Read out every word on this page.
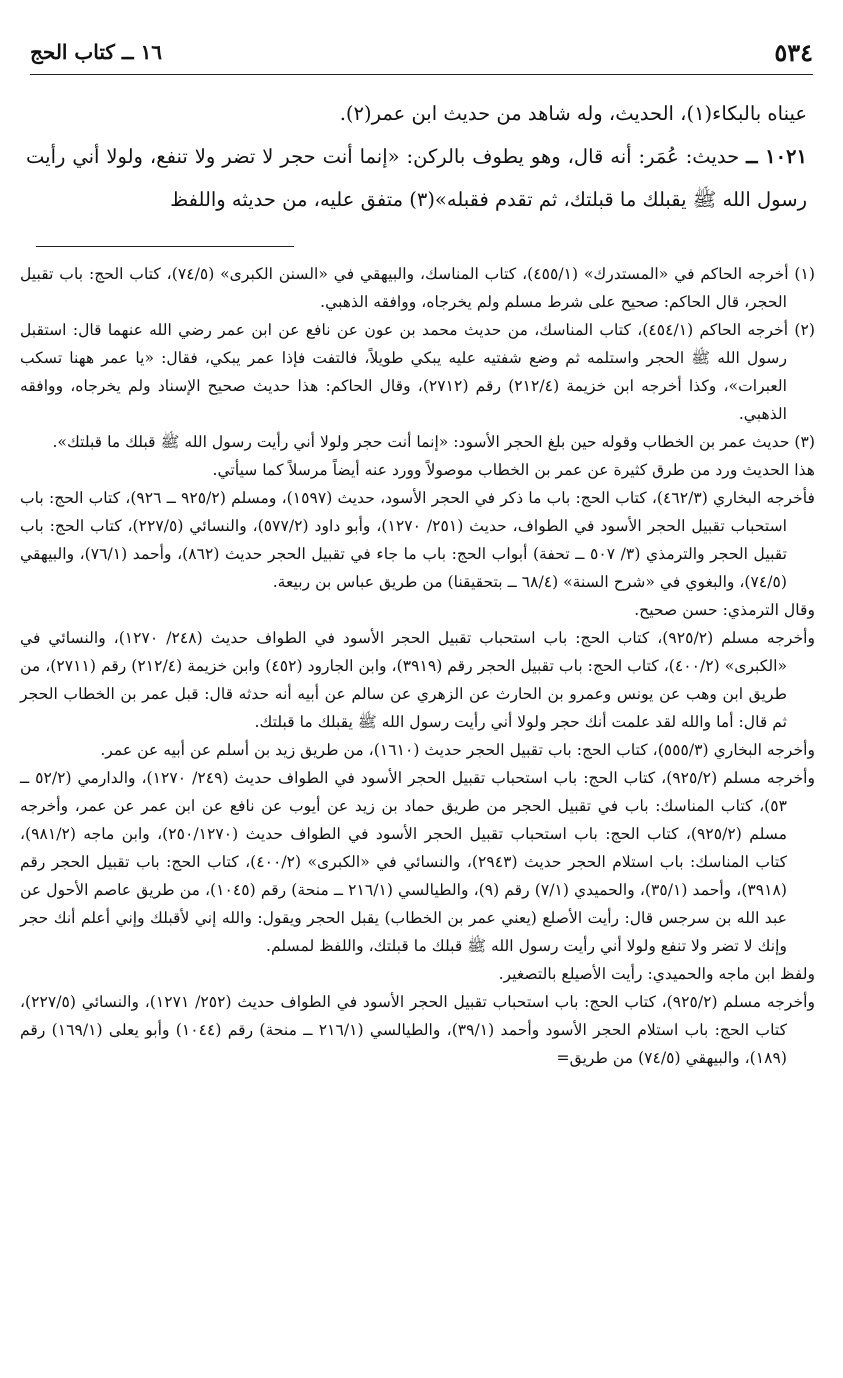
٥٣٤
١٦ ــ كتاب الحج

عيناه بالبكاء(١)، الحديث، وله شاهد من حديث ابن عمر(٢).

١٠٢١ ــ حديث: عُمَر: أنه قال، وهو يطوف بالركن: «إنما أنت حجر لا تضر ولا تنفع، ولولا أني رأيت رسول الله ﷺ يقبلك ما قبلتك، ثم تقدم فقبله»(٣) متفق عليه، من حديثه واللفظ

(١) أخرجه الحاكم في «المستدرك» (٤٥٥/١)، كتاب المناسك، والبيهقي في «السنن الكبرى» (٧٤/٥)، كتاب الحج: باب تقبيل الحجر، قال الحاكم: صحيح على شرط مسلم ولم يخرجاه، ووافقه الذهبي.

(٢) أخرجه الحاكم (٤٥٤/١)، كتاب المناسك، من حديث محمد بن عون عن نافع عن ابن عمر رضي الله عنهما قال: استقبل رسول الله ﷺ الحجر واستلمه ثم وضع شفتيه عليه يبكي طويلاً، فالتفت فإذا عمر يبكي، فقال: «يا عمر ههنا تسكب العبرات»، وكذا أخرجه ابن خزيمة (٢١٢/٤) رقم (٢٧١٢)، وقال الحاكم: هذا حديث صحيح الإسناد ولم يخرجاه، ووافقه الذهبي.

(٣) حديث عمر بن الخطاب وقوله حين بلغ الحجر الأسود: «إنما أنت حجر ولولا أني رأيت رسول الله ﷺ قبلك ما قبلتك».

هذا الحديث ورد من طرق كثيرة عن عمر بن الخطاب موصولاً وورد عنه أيضاً مرسلاً كما سيأتي.

فأخرجه البخاري (٤٦٢/٣)، كتاب الحج: باب ما ذكر في الحجر الأسود، حديث (١٥٩٧)، ومسلم (٩٢٥/٢ ــ ٩٢٦)، كتاب الحج: باب استحباب تقبيل الحجر الأسود في الطواف، حديث (٢٥١/ ١٢٧٠)، وأبو داود (٥٧٧/٢)، والنسائي (٢٢٧/٥)، كتاب الحج: باب تقبيل الحجر والترمذي (٣/ ٥٠٧ ــ تحفة) أبواب الحج: باب ما جاء في تقبيل الحجر حديث (٨٦٢)، وأحمد (٧٦/١)، والبيهقي (٧٤/٥)، والبغوي في «شرح السنة» (٦٨/٤ ــ بتحقيقنا) من طريق عباس بن ربيعة.

وقال الترمذي: حسن صحيح.

وأخرجه مسلم (٩٢٥/٢)، كتاب الحج: باب استحباب تقبيل الحجر الأسود في الطواف حديث (٢٤٨/ ١٢٧٠)، والنسائي في «الكبرى» (٤٠٠/٢)، كتاب الحج: باب تقبيل الحجر رقم (٣٩١٩)، وابن الجارود (٤٥٢) وابن خزيمة (٢١٢/٤) رقم (٢٧١١)، من طريق ابن وهب عن يونس وعمرو بن الحارث عن الزهري عن سالم عن أبيه أنه حدثه قال: قبل عمر بن الخطاب الحجر ثم قال: أما والله لقد علمت أنك حجر ولولا أني رأيت رسول الله ﷺ يقبلك ما قبلتك.

وأخرجه البخاري (٥٥٥/٣)، كتاب الحج: باب تقبيل الحجر حديث (١٦١٠)، من طريق زيد بن أسلم عن أبيه عن عمر.

وأخرجه مسلم (٩٢٥/٢)، كتاب الحج: باب استحباب تقبيل الحجر الأسود في الطواف حديث (٢٤٩/ ١٢٧٠)، والدارمي (٥٢/٢ ــ ٥٣)، كتاب المناسك: باب في تقبيل الحجر من طريق حماد بن زيد عن أيوب عن نافع عن ابن عمر عن عمر، وأخرجه مسلم (٩٢٥/٢)، كتاب الحج: باب استحباب تقبيل الحجر الأسود في الطواف حديث (٢٥٠/١٢٧٠)، وابن ماجه (٩٨١/٢)، كتاب المناسك: باب استلام الحجر حديث (٢٩٤٣)، والنسائي في «الكبرى» (٤٠٠/٢)، كتاب الحج: باب تقبيل الحجر رقم (٣٩١٨)، وأحمد (٣٥/١)، والحميدي (٧/١) رقم (٩)، والطيالسي (٢١٦/١ ــ منحة) رقم (١٠٤٥)، من طريق عاصم الأحول عن عبد الله بن سرجس قال: رأيت الأصلع (يعني عمر بن الخطاب) يقبل الحجر ويقول: والله إني لأقبلك وإني أعلم أنك حجر وإنك لا تضر ولا تنفع ولولا أني رأيت رسول الله ﷺ قبلك ما قبلتك، واللفظ لمسلم.

ولفظ ابن ماجه والحميدي: رأيت الأصيلع بالتصغير.

وأخرجه مسلم (٩٢٥/٢)، كتاب الحج: باب استحباب تقبيل الحجر الأسود في الطواف حديث (٢٥٢/ ١٢٧١)، والنسائي (٢٢٧/٥)، كتاب الحج: باب استلام الحجر الأسود وأحمد (٣٩/١)، والطيالسي (٢١٦/١ ــ منحة) رقم (١٠٤٤) وأبو يعلى (١٦٩/١) رقم (١٨٩)، والبيهقي (٧٤/٥) من طريق=
